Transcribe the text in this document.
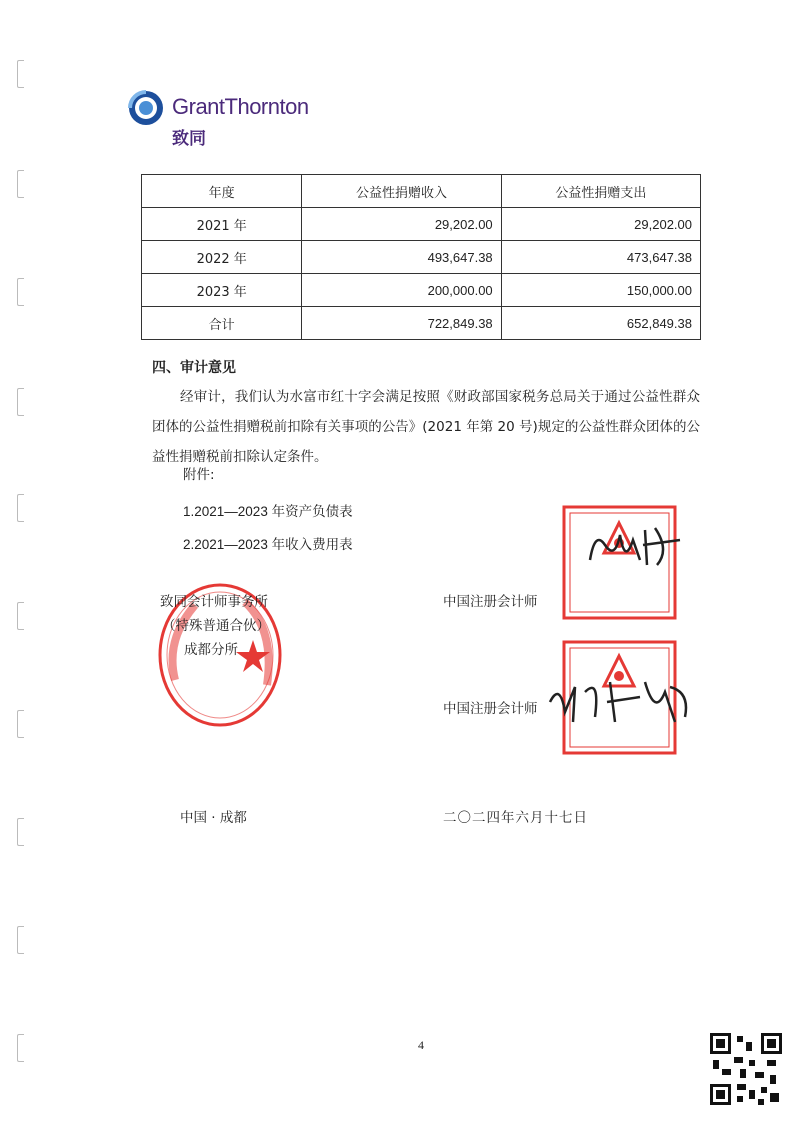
GrantThornton
致同
年度	公益性捐赠收入	公益性捐赠支出
2021 年	29,202.00	29,202.00
2022 年	493,647.38	473,647.38
2023 年	200,000.00	150,000.00
合计	722,849.38	652,849.38
四、审计意见
经审计，我们认为水富市红十字会满足按照《财政部国家税务总局关于通过公益性群众团体的公益性捐赠税前扣除有关事项的公告》(2021 年第 20 号)规定的公益性群众团体的公益性捐赠税前扣除认定条件。
附件:
1.2021—2023 年资产负债表
2.2021—2023 年收入费用表
致同会计师事务所
（特殊普通合伙）
成都分所
中国注册会计师
中国注册会计师
中国 · 成都	二〇二四年六月十七日
4
